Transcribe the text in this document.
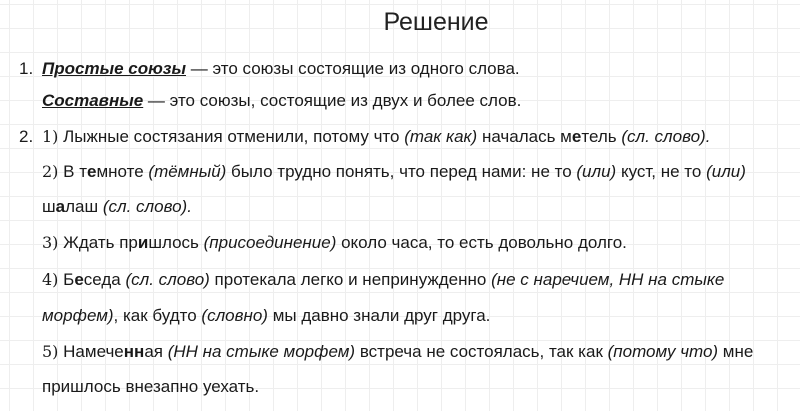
Решение
1. Простые союзы — это союзы состоящие из одного слова.
Составные — это союзы, состоящие из двух и более слов.
2. 1) Лыжные состязания отменили, потому что (так как) началась метель (сл. слово).
2) В темноте (тёмный) было трудно понять, что перед нами: не то (или) куст, не то (или)
шалаш (сл. слово).
3) Ждать пришлось (присоединение) около часа, то есть довольно долго.
4) Беседа (сл. слово) протекала легко и непринужденно (не с наречием, НН на стыке
морфем), как будто (словно) мы давно знали друг друга.
5) Намеченная (НН на стыке морфем) встреча не состоялась, так как (потому что) мне
пришлось внезапно уехать.
